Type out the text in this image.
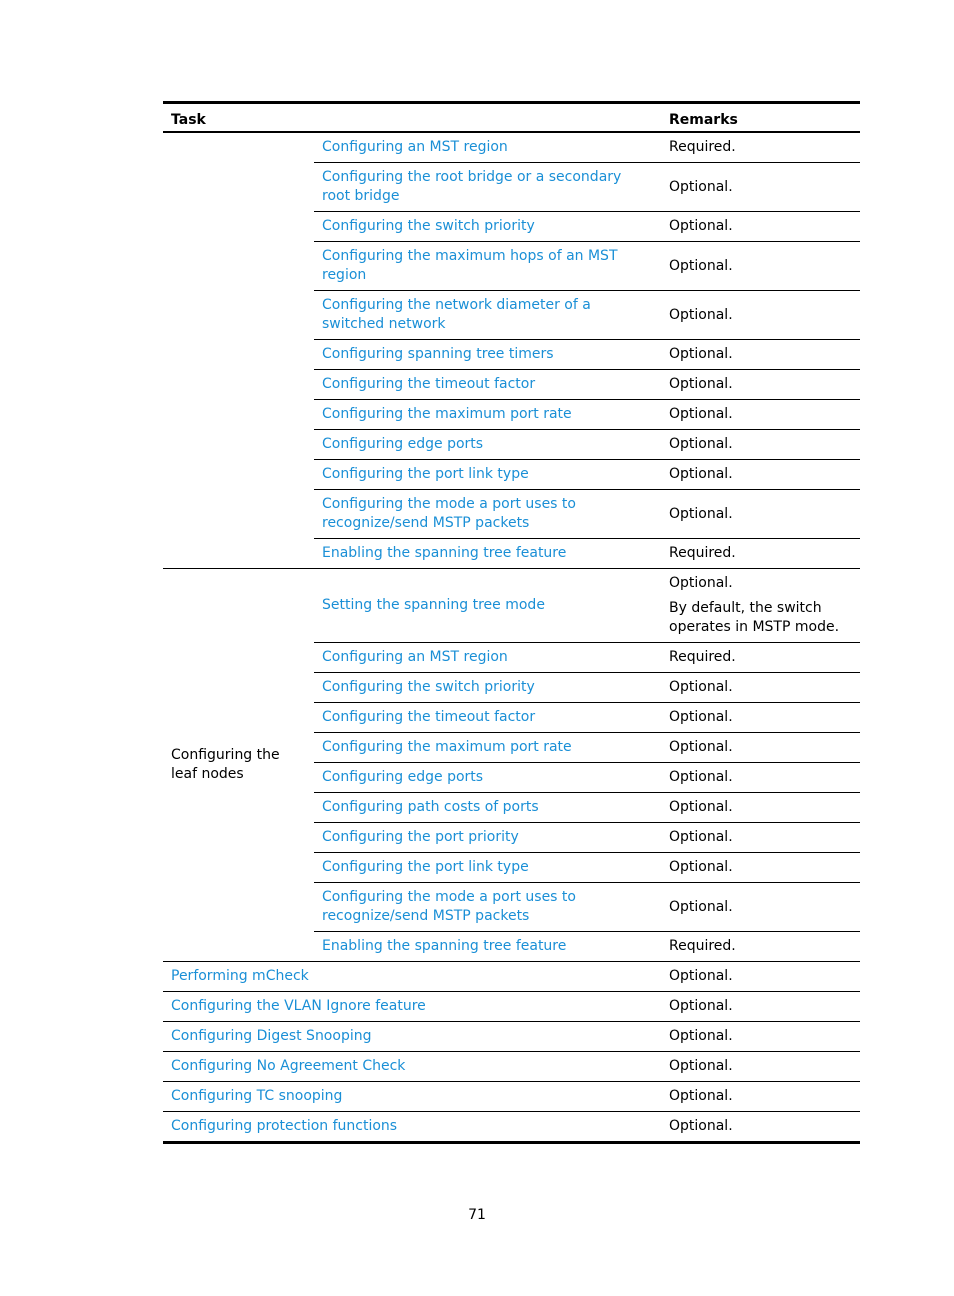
Task		Remarks
	Configuring an MST region	Required.
	Configuring the root bridge or a secondary root bridge	Optional.
	Configuring the switch priority	Optional.
	Configuring the maximum hops of an MST region	Optional.
	Configuring the network diameter of a switched network	Optional.
	Configuring spanning tree timers	Optional.
	Configuring the timeout factor	Optional.
	Configuring the maximum port rate	Optional.
	Configuring edge ports	Optional.
	Configuring the port link type	Optional.
	Configuring the mode a port uses to recognize/send MSTP packets	Optional.
	Enabling the spanning tree feature	Required.
Configuring the leaf nodes	Setting the spanning tree mode	Optional.

By default, the switch operates in MSTP mode.

	Configuring an MST region	Required.
	Configuring the switch priority	Optional.
	Configuring the timeout factor	Optional.
	Configuring the maximum port rate	Optional.
	Configuring edge ports	Optional.
	Configuring path costs of ports	Optional.
	Configuring the port priority	Optional.
	Configuring the port link type	Optional.
	Configuring the mode a port uses to recognize/send MSTP packets	Optional.
	Enabling the spanning tree feature	Required.
Performing mCheck		Optional.
Configuring the VLAN Ignore feature		Optional.
Configuring Digest Snooping		Optional.
Configuring No Agreement Check		Optional.
Configuring TC snooping		Optional.
Configuring protection functions		Optional.
71
